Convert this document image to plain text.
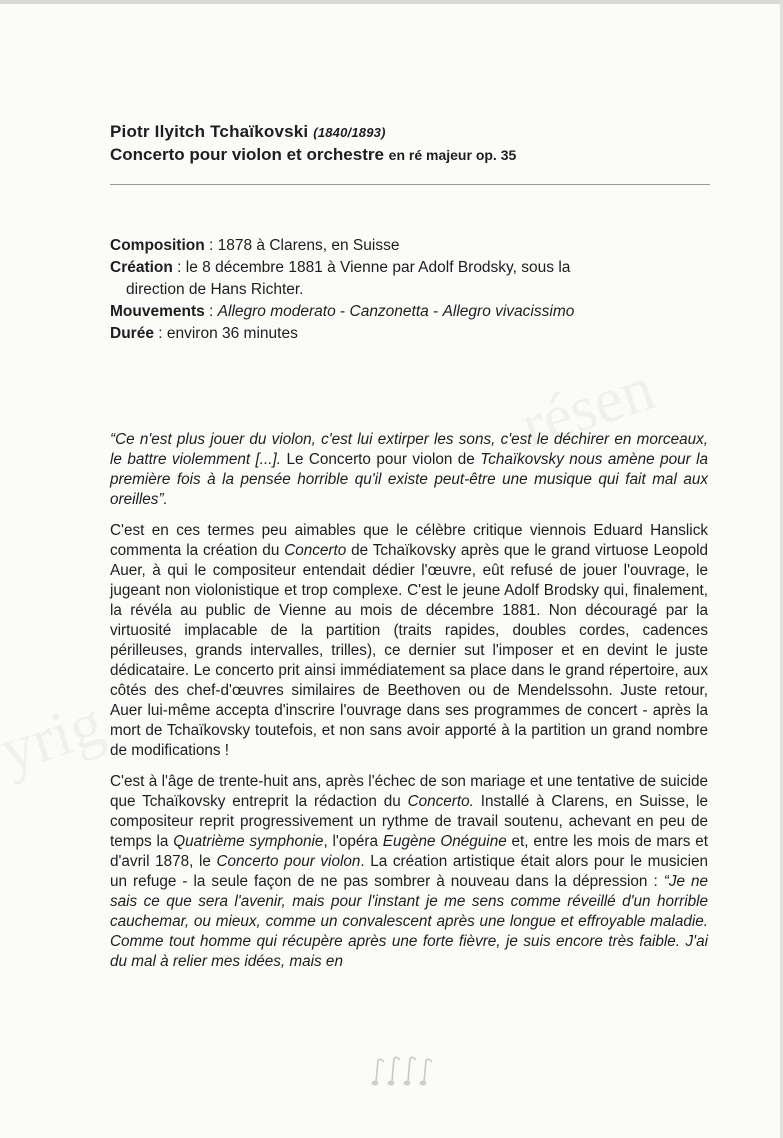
Piotr Ilyitch Tchaïkovski (1840/1893)
Concerto pour violon et orchestre en ré majeur op. 35
Composition : 1878 à Clarens, en Suisse
Création : le 8 décembre 1881 à Vienne par Adolf Brodsky, sous la
direction de Hans Richter.
Mouvements : Allegro moderato - Canzonetta - Allegro vivacissimo
Durée : environ 36 minutes

“Ce n'est plus jouer du violon, c'est lui extirper les sons, c'est le déchirer en morceaux, le battre violemment [...]. Le Concerto pour violon de Tchaïkovsky nous amène pour la première fois à la pensée horrible qu'il existe peut-être une musique qui fait mal aux oreilles”.

C'est en ces termes peu aimables que le célèbre critique viennois Eduard Hanslick commenta la création du Concerto de Tchaïkovsky après que le grand virtuose Leopold Auer, à qui le compositeur entendait dédier l'œuvre, eût refusé de jouer l'ouvrage, le jugeant non violonistique et trop complexe. C'est le jeune Adolf Brodsky qui, finalement, la révéla au public de Vienne au mois de décembre 1881. Non découragé par la virtuosité implacable de la partition (traits rapides, doubles cordes, cadences périlleuses, grands intervalles, trilles), ce dernier sut l'imposer et en devint le juste dédicataire. Le concerto prit ainsi immédiatement sa place dans le grand répertoire, aux côtés des chef-d'œuvres similaires de Beethoven ou de Mendelssohn. Juste retour, Auer lui-même accepta d'inscrire l'ouvrage dans ses programmes de concert - après la mort de Tchaïkovsky toutefois, et non sans avoir apporté à la partition un grand nombre de modifications !

C'est à l'âge de trente-huit ans, après l'échec de son mariage et une tentative de suicide que Tchaïkovsky entreprit la rédaction du Concerto. Installé à Clarens, en Suisse, le compositeur reprit progressivement un rythme de travail soutenu, achevant en peu de temps la Quatrième symphonie, l'opéra Eugène Onéguine et, entre les mois de mars et d'avril 1878, le Concerto pour violon. La création artistique était alors pour le musicien un refuge - la seule façon de ne pas sombrer à nouveau dans la dépression : “Je ne sais ce que sera l'avenir, mais pour l'instant je me sens comme réveillé d'un horrible cauchemar, ou mieux, comme un convalescent après une longue et effroyable maladie. Comme tout homme qui récupère après une forte fièvre, je suis encore très faible. J'ai du mal à relier mes idées, mais en
